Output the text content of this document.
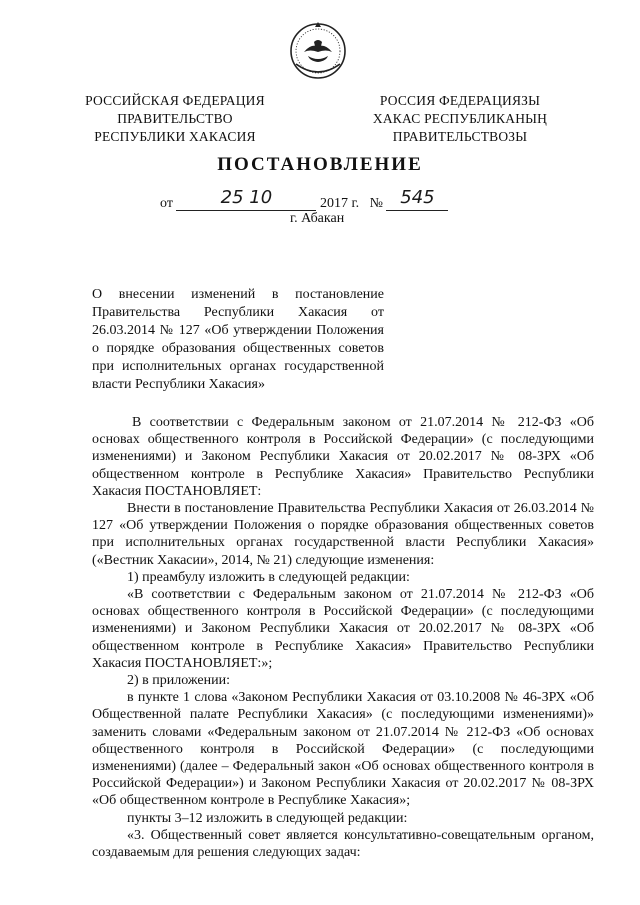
РОССИЙСКАЯ ФЕДЕРАЦИЯ
ПРАВИТЕЛЬСТВО
РЕСПУБЛИКИ ХАКАСИЯ
РОССИЯ ФЕДЕРАЦИЯЗЫ
ХАКАС РЕСПУБЛИКАНЫҢ
ПРАВИТЕЛЬСТВОЗЫ
ПОСТАНОВЛЕНИЕ
от	25 10	2017 г. № 545
г. Абакан
О внесении изменений в постановление
Правительства Республики Хакасия от
26.03.2014 № 127 «Об утверждении Положения
о порядке образования общественных советов
при исполнительных органах государственной
власти Республики Хакасия»

В соответствии с Федеральным законом от 21.07.2014 № 212-ФЗ «Об основах общественного контроля в Российской Федерации» (с последующими изменениями) и Законом Республики Хакасия от 20.02.2017 № 08-ЗРХ «Об общественном контроле в Республике Хакасия» Правительство Республики Хакасия ПОСТАНОВЛЯЕТ:

Внести в постановление Правительства Республики Хакасия от 26.03.2014 № 127 «Об утверждении Положения о порядке образования общественных советов при исполнительных органах государственной власти Республики Хакасия» («Вестник Хакасии», 2014, № 21) следующие изменения:

1) преамбулу изложить в следующей редакции:

«В соответствии с Федеральным законом от 21.07.2014 № 212-ФЗ «Об основах общественного контроля в Российской Федерации» (с последующими изменениями) и Законом Республики Хакасия от 20.02.2017 № 08-ЗРХ «Об общественном контроле в Республике Хакасия» Правительство Республики Хакасия ПОСТАНОВЛЯЕТ:»;

2) в приложении:

в пункте 1 слова «Законом Республики Хакасия от 03.10.2008 № 46-ЗРХ «Об Общественной палате Республики Хакасия» (с последующими изменениями)» заменить словами «Федеральным законом от 21.07.2014 № 212-ФЗ «Об основах общественного контроля в Российской Федерации» (с последующими изменениями) (далее – Федеральный закон «Об основах общественного контроля в Российской Федерации») и Законом Республики Хакасия от 20.02.2017 № 08-ЗРХ «Об общественном контроле в Республике Хакасия»;

пункты 3–12 изложить в следующей редакции:

«3. Общественный совет является консультативно-совещательным органом, создаваемым для решения следующих задач:
